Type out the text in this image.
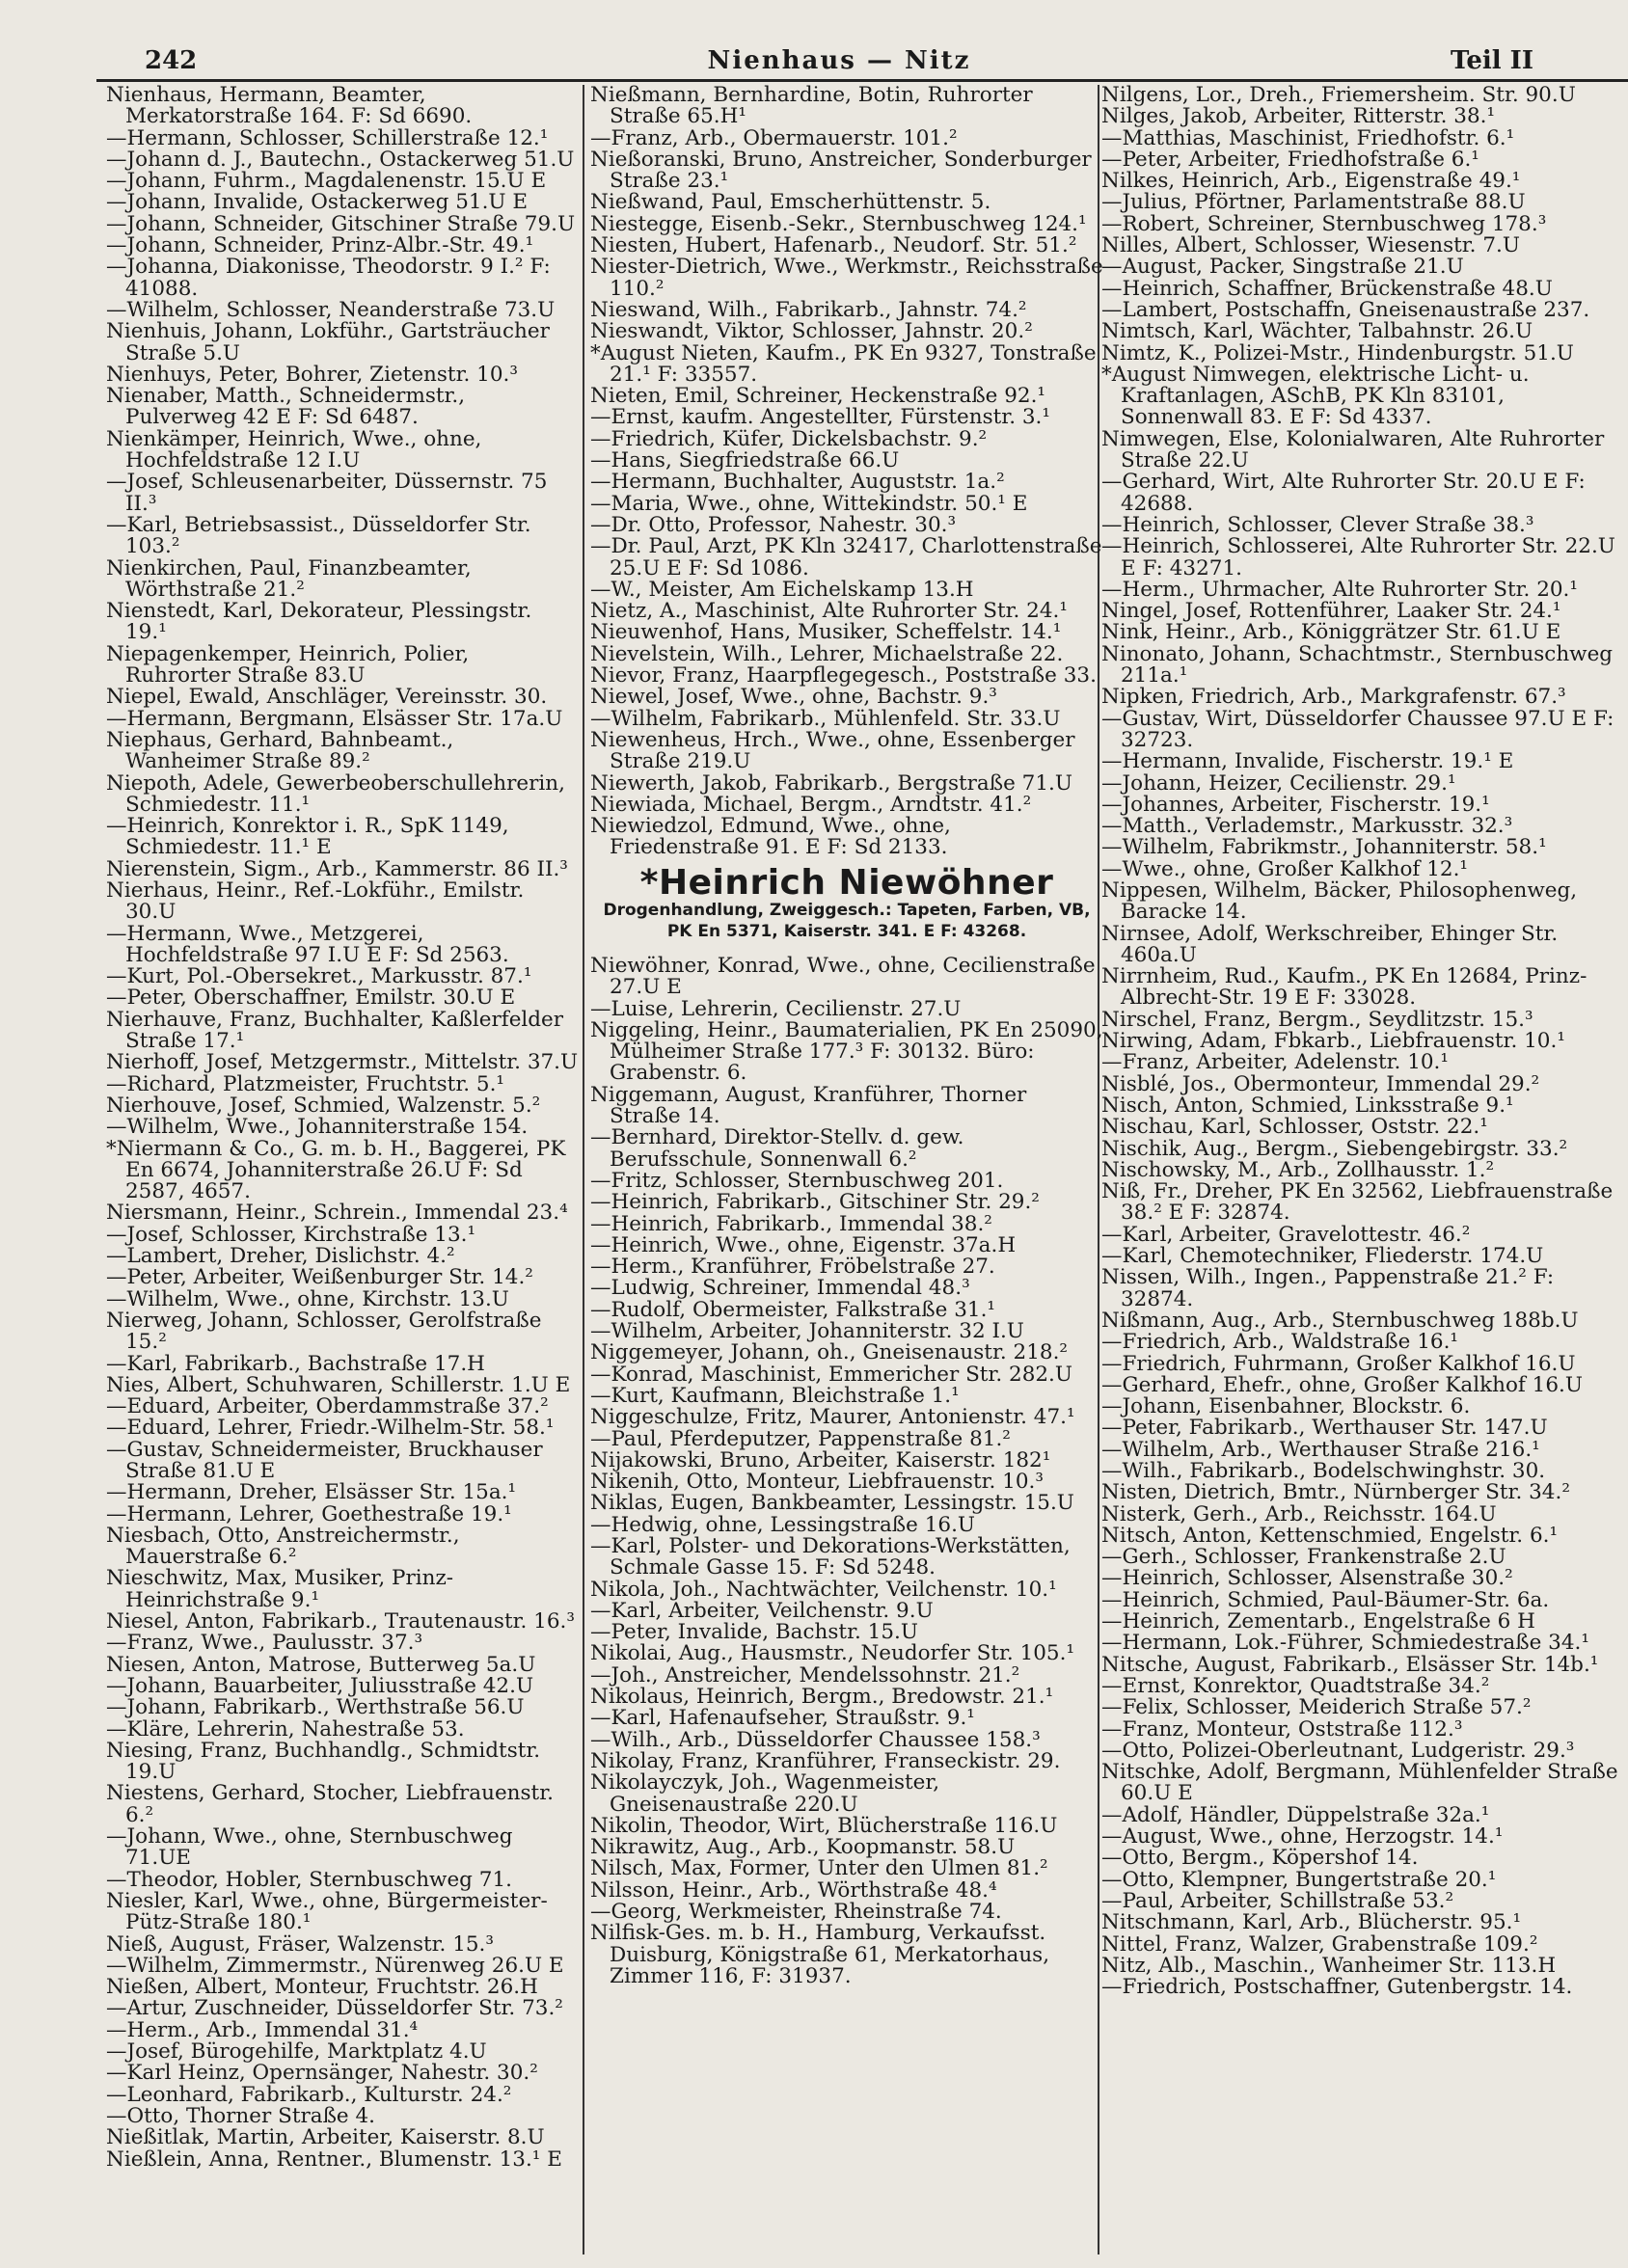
242	Nienhaus — Nitz	Teil II

Nienhaus, Hermann, Beamter, Merkatorstraße 164. F: Sd 6690.

—Hermann, Schlosser, Schillerstraße 12.¹

—Johann d. J., Bautechn., Ostackerweg 51.U

—Johann, Fuhrm., Magdalenenstr. 15.U E

—Johann, Invalide, Ostackerweg 51.U E

—Johann, Schneider, Gitschiner Straße 79.U

—Johann, Schneider, Prinz-Albr.-Str. 49.¹

—Johanna, Diakonisse, Theodorstr. 9 I.² F: 41088.

—Wilhelm, Schlosser, Neanderstraße 73.U

Nienhuis, Johann, Lokführ., Gartsträucher Straße 5.U

Nienhuys, Peter, Bohrer, Zietenstr. 10.³

Nienaber, Matth., Schneidermstr., Pulverweg 42 E F: Sd 6487.

Nienkämper, Heinrich, Wwe., ohne, Hochfeldstraße 12 I.U

—Josef, Schleusenarbeiter, Düssernstr. 75 II.³

—Karl, Betriebsassist., Düsseldorfer Str. 103.²

Nienkirchen, Paul, Finanzbeamter, Wörthstraße 21.²

Nienstedt, Karl, Dekorateur, Plessingstr. 19.¹

Niepagenkemper, Heinrich, Polier, Ruhrorter Straße 83.U

Niepel, Ewald, Anschläger, Vereinsstr. 30.

—Hermann, Bergmann, Elsässer Str. 17a.U

Niephaus, Gerhard, Bahnbeamt., Wanheimer Straße 89.²

Niepoth, Adele, Gewerbeoberschullehrerin, Schmiedestr. 11.¹

—Heinrich, Konrektor i. R., SpK 1149, Schmiedestr. 11.¹ E

Nierenstein, Sigm., Arb., Kammerstr. 86 II.³

Nierhaus, Heinr., Ref.-Lokführ., Emilstr. 30.U

—Hermann, Wwe., Metzgerei, Hochfeldstraße 97 I.U E F: Sd 2563.

—Kurt, Pol.-Obersekret., Markusstr. 87.¹

—Peter, Oberschaffner, Emilstr. 30.U E

Nierhauve, Franz, Buchhalter, Kaßlerfelder Straße 17.¹

Nierhoff, Josef, Metzgermstr., Mittelstr. 37.U

—Richard, Platzmeister, Fruchtstr. 5.¹

Nierhouve, Josef, Schmied, Walzenstr. 5.²

—Wilhelm, Wwe., Johanniterstraße 154.

*Niermann & Co., G. m. b. H., Baggerei, PK En 6674, Johanniterstraße 26.U F: Sd 2587, 4657.

Niersmann, Heinr., Schrein., Immendal 23.⁴

—Josef, Schlosser, Kirchstraße 13.¹

—Lambert, Dreher, Dislichstr. 4.²

—Peter, Arbeiter, Weißenburger Str. 14.²

—Wilhelm, Wwe., ohne, Kirchstr. 13.U

Nierweg, Johann, Schlosser, Gerolfstraße 15.²

—Karl, Fabrikarb., Bachstraße 17.H

Nies, Albert, Schuhwaren, Schillerstr. 1.U E

—Eduard, Arbeiter, Oberdammstraße 37.²

—Eduard, Lehrer, Friedr.-Wilhelm-Str. 58.¹

—Gustav, Schneidermeister, Bruckhauser Straße 81.U E

—Hermann, Dreher, Elsässer Str. 15a.¹

—Hermann, Lehrer, Goethestraße 19.¹

Niesbach, Otto, Anstreichermstr., Mauerstraße 6.²

Nieschwitz, Max, Musiker, Prinz-Heinrichstraße 9.¹

Niesel, Anton, Fabrikarb., Trautenaustr. 16.³

—Franz, Wwe., Paulusstr. 37.³

Niesen, Anton, Matrose, Butterweg 5a.U

—Johann, Bauarbeiter, Juliusstraße 42.U

—Johann, Fabrikarb., Werthstraße 56.U

—Kläre, Lehrerin, Nahestraße 53.

Niesing, Franz, Buchhandlg., Schmidtstr. 19.U

Niestens, Gerhard, Stocher, Liebfrauenstr. 6.²

—Johann, Wwe., ohne, Sternbuschweg 71.UE

—Theodor, Hobler, Sternbuschweg 71.

Niesler, Karl, Wwe., ohne, Bürgermeister-Pütz-Straße 180.¹

Nieß, August, Fräser, Walzenstr. 15.³

—Wilhelm, Zimmermstr., Nürenweg 26.U E

Nießen, Albert, Monteur, Fruchtstr. 26.H

—Artur, Zuschneider, Düsseldorfer Str. 73.²

—Herm., Arb., Immendal 31.⁴

—Josef, Bürogehilfe, Marktplatz 4.U

—Karl Heinz, Opernsänger, Nahestr. 30.²

—Leonhard, Fabrikarb., Kulturstr. 24.²

—Otto, Thorner Straße 4.

Nießitlak, Martin, Arbeiter, Kaiserstr. 8.U

Nießlein, Anna, Rentner., Blumenstr. 13.¹ E

Nießmann, Bernhardine, Botin, Ruhrorter Straße 65.H¹

—Franz, Arb., Obermauerstr. 101.²

Nießoranski, Bruno, Anstreicher, Sonderburger Straße 23.¹

Nießwand, Paul, Emscherhüttenstr. 5.

Niestegge, Eisenb.-Sekr., Sternbuschweg 124.¹

Niesten, Hubert, Hafenarb., Neudorf. Str. 51.²

Niester-Dietrich, Wwe., Werkmstr., Reichsstraße 110.²

Nieswand, Wilh., Fabrikarb., Jahnstr. 74.²

Nieswandt, Viktor, Schlosser, Jahnstr. 20.²

*August Nieten, Kaufm., PK En 9327, Tonstraße 21.¹ F: 33557.

Nieten, Emil, Schreiner, Heckenstraße 92.¹

—Ernst, kaufm. Angestellter, Fürstenstr. 3.¹

—Friedrich, Küfer, Dickelsbachstr. 9.²

—Hans, Siegfriedstraße 66.U

—Hermann, Buchhalter, Auguststr. 1a.²

—Maria, Wwe., ohne, Wittekindstr. 50.¹ E

—Dr. Otto, Professor, Nahestr. 30.³

—Dr. Paul, Arzt, PK Kln 32417, Charlottenstraße 25.U E F: Sd 1086.

—W., Meister, Am Eichelskamp 13.H

Nietz, A., Maschinist, Alte Ruhrorter Str. 24.¹

Nieuwenhof, Hans, Musiker, Scheffelstr. 14.¹

Nievelstein, Wilh., Lehrer, Michaelstraße 22.

Nievor, Franz, Haarpflegegesch., Poststraße 33.

Niewel, Josef, Wwe., ohne, Bachstr. 9.³

—Wilhelm, Fabrikarb., Mühlenfeld. Str. 33.U

Niewenheus, Hrch., Wwe., ohne, Essenberger Straße 219.U

Niewerth, Jakob, Fabrikarb., Bergstraße 71.U

Niewiada, Michael, Bergm., Arndtstr. 41.²

Niewiedzol, Edmund, Wwe., ohne, Friedenstraße 91. E F: Sd 2133.

*Heinrich Niewöhner
Drogenhandlung, Zweiggesch.: Tapeten, Farben, VB, PK En 5371, Kaiserstr. 341. E F: 43268.

Niewöhner, Konrad, Wwe., ohne, Cecilienstraße 27.U E

—Luise, Lehrerin, Cecilienstr. 27.U

Niggeling, Heinr., Baumaterialien, PK En 25090, Mülheimer Straße 177.³ F: 30132. Büro: Grabenstr. 6.

Niggemann, August, Kranführer, Thorner Straße 14.

—Bernhard, Direktor-Stellv. d. gew. Berufsschule, Sonnenwall 6.²

—Fritz, Schlosser, Sternbuschweg 201.

—Heinrich, Fabrikarb., Gitschiner Str. 29.²

—Heinrich, Fabrikarb., Immendal 38.²

—Heinrich, Wwe., ohne, Eigenstr. 37a.H

—Herm., Kranführer, Fröbelstraße 27.

—Ludwig, Schreiner, Immendal 48.³

—Rudolf, Obermeister, Falkstraße 31.¹

—Wilhelm, Arbeiter, Johanniterstr. 32 I.U

Niggemeyer, Johann, oh., Gneisenaustr. 218.²

—Konrad, Maschinist, Emmericher Str. 282.U

—Kurt, Kaufmann, Bleichstraße 1.¹

Niggeschulze, Fritz, Maurer, Antonienstr. 47.¹

—Paul, Pferdeputzer, Pappenstraße 81.²

Nijakowski, Bruno, Arbeiter, Kaiserstr. 182¹

Nikenih, Otto, Monteur, Liebfrauenstr. 10.³

Niklas, Eugen, Bankbeamter, Lessingstr. 15.U

—Hedwig, ohne, Lessingstraße 16.U

—Karl, Polster- und Dekorations-Werkstätten, Schmale Gasse 15. F: Sd 5248.

Nikola, Joh., Nachtwächter, Veilchenstr. 10.¹

—Karl, Arbeiter, Veilchenstr. 9.U

—Peter, Invalide, Bachstr. 15.U

Nikolai, Aug., Hausmstr., Neudorfer Str. 105.¹

—Joh., Anstreicher, Mendelssohnstr. 21.²

Nikolaus, Heinrich, Bergm., Bredowstr. 21.¹

—Karl, Hafenaufseher, Straußstr. 9.¹

—Wilh., Arb., Düsseldorfer Chaussee 158.³

Nikolay, Franz, Kranführer, Franseckistr. 29.

Nikolayczyk, Joh., Wagenmeister, Gneisenaustraße 220.U

Nikolin, Theodor, Wirt, Blücherstraße 116.U

Nikrawitz, Aug., Arb., Koopmanstr. 58.U

Nilsch, Max, Former, Unter den Ulmen 81.²

Nilsson, Heinr., Arb., Wörthstraße 48.⁴

—Georg, Werkmeister, Rheinstraße 74.

Nilfisk-Ges. m. b. H., Hamburg, Verkaufsst. Duisburg, Königstraße 61, Merkatorhaus, Zimmer 116, F: 31937.

Nilgens, Lor., Dreh., Friemersheim. Str. 90.U

Nilges, Jakob, Arbeiter, Ritterstr. 38.¹

—Matthias, Maschinist, Friedhofstr. 6.¹

—Peter, Arbeiter, Friedhofstraße 6.¹

Nilkes, Heinrich, Arb., Eigenstraße 49.¹

—Julius, Pförtner, Parlamentstraße 88.U

—Robert, Schreiner, Sternbuschweg 178.³

Nilles, Albert, Schlosser, Wiesenstr. 7.U

—August, Packer, Singstraße 21.U

—Heinrich, Schaffner, Brückenstraße 48.U

—Lambert, Postschaffn, Gneisenaustraße 237.

Nimtsch, Karl, Wächter, Talbahnstr. 26.U

Nimtz, K., Polizei-Mstr., Hindenburgstr. 51.U

*August Nimwegen, elektrische Licht- u. Kraftanlagen, ASchB, PK Kln 83101, Sonnenwall 83. E F: Sd 4337.

Nimwegen, Else, Kolonialwaren, Alte Ruhrorter Straße 22.U

—Gerhard, Wirt, Alte Ruhrorter Str. 20.U E F: 42688.

—Heinrich, Schlosser, Clever Straße 38.³

—Heinrich, Schlosserei, Alte Ruhrorter Str. 22.U E F: 43271.

—Herm., Uhrmacher, Alte Ruhrorter Str. 20.¹

Ningel, Josef, Rottenführer, Laaker Str. 24.¹

Nink, Heinr., Arb., Königgrätzer Str. 61.U E

Ninonato, Johann, Schachtmstr., Sternbuschweg 211a.¹

Nipken, Friedrich, Arb., Markgrafenstr. 67.³

—Gustav, Wirt, Düsseldorfer Chaussee 97.U E F: 32723.

—Hermann, Invalide, Fischerstr. 19.¹ E

—Johann, Heizer, Cecilienstr. 29.¹

—Johannes, Arbeiter, Fischerstr. 19.¹

—Matth., Verlademstr., Markusstr. 32.³

—Wilhelm, Fabrikmstr., Johanniterstr. 58.¹

—Wwe., ohne, Großer Kalkhof 12.¹

Nippesen, Wilhelm, Bäcker, Philosophenweg, Baracke 14.

Nirnsee, Adolf, Werkschreiber, Ehinger Str. 460a.U

Nirrnheim, Rud., Kaufm., PK En 12684, Prinz-Albrecht-Str. 19 E F: 33028.

Nirschel, Franz, Bergm., Seydlitzstr. 15.³

Nirwing, Adam, Fbkarb., Liebfrauenstr. 10.¹

—Franz, Arbeiter, Adelenstr. 10.¹

Nisblé, Jos., Obermonteur, Immendal 29.²

Nisch, Anton, Schmied, Linksstraße 9.¹

Nischau, Karl, Schlosser, Oststr. 22.¹

Nischik, Aug., Bergm., Siebengebirgstr. 33.²

Nischowsky, M., Arb., Zollhausstr. 1.²

Niß, Fr., Dreher, PK En 32562, Liebfrauenstraße 38.² E F: 32874.

—Karl, Arbeiter, Gravelottestr. 46.²

—Karl, Chemotechniker, Fliederstr. 174.U

Nissen, Wilh., Ingen., Pappenstraße 21.² F: 32874.

Nißmann, Aug., Arb., Sternbuschweg 188b.U

—Friedrich, Arb., Waldstraße 16.¹

—Friedrich, Fuhrmann, Großer Kalkhof 16.U

—Gerhard, Ehefr., ohne, Großer Kalkhof 16.U

—Johann, Eisenbahner, Blockstr. 6.

—Peter, Fabrikarb., Werthauser Str. 147.U

—Wilhelm, Arb., Werthauser Straße 216.¹

—Wilh., Fabrikarb., Bodelschwinghstr. 30.

Nisten, Dietrich, Bmtr., Nürnberger Str. 34.²

Nisterk, Gerh., Arb., Reichsstr. 164.U

Nitsch, Anton, Kettenschmied, Engelstr. 6.¹

—Gerh., Schlosser, Frankenstraße 2.U

—Heinrich, Schlosser, Alsenstraße 30.²

—Heinrich, Schmied, Paul-Bäumer-Str. 6a.

—Heinrich, Zementarb., Engelstraße 6 H

—Hermann, Lok.-Führer, Schmiedestraße 34.¹

Nitsche, August, Fabrikarb., Elsässer Str. 14b.¹

—Ernst, Konrektor, Quadtstraße 34.²

—Felix, Schlosser, Meiderich Straße 57.²

—Franz, Monteur, Oststraße 112.³

—Otto, Polizei-Oberleutnant, Ludgeristr. 29.³

Nitschke, Adolf, Bergmann, Mühlenfelder Straße 60.U E

—Adolf, Händler, Düppelstraße 32a.¹

—August, Wwe., ohne, Herzogstr. 14.¹

—Otto, Bergm., Köpershof 14.

—Otto, Klempner, Bungertstraße 20.¹

—Paul, Arbeiter, Schillstraße 53.²

Nitschmann, Karl, Arb., Blücherstr. 95.¹

Nittel, Franz, Walzer, Grabenstraße 109.²

Nitz, Alb., Maschin., Wanheimer Str. 113.H

—Friedrich, Postschaffner, Gutenbergstr. 14.
